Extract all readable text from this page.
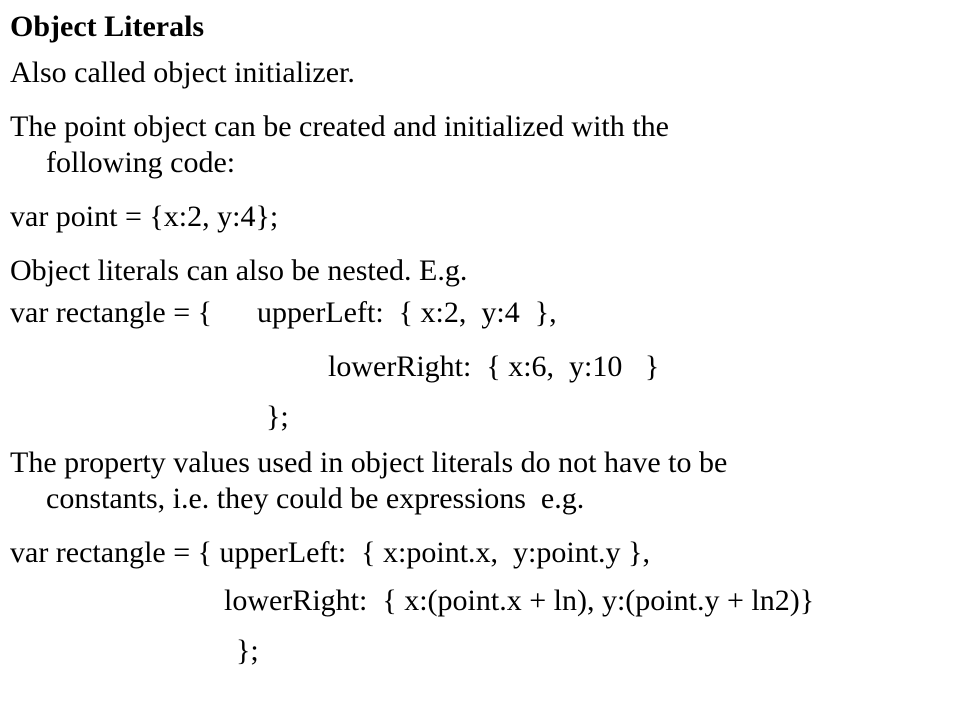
Object Literals
Also called object initializer.
The point object can be created and initialized with the
following code:
var point = {x:2, y:4};
Object literals can also be nested. E.g.
var rectangle = {      upperLeft:  { x:2,  y:4  },
lowerRight:  { x:6,  y:10   }
};
The property values used in object literals do not have to be
constants, i.e. they could be expressions  e.g.
var rectangle = { upperLeft:  { x:point.x,  y:point.y },
lowerRight:  { x:(point.x + ln), y:(point.y + ln2)}
};
